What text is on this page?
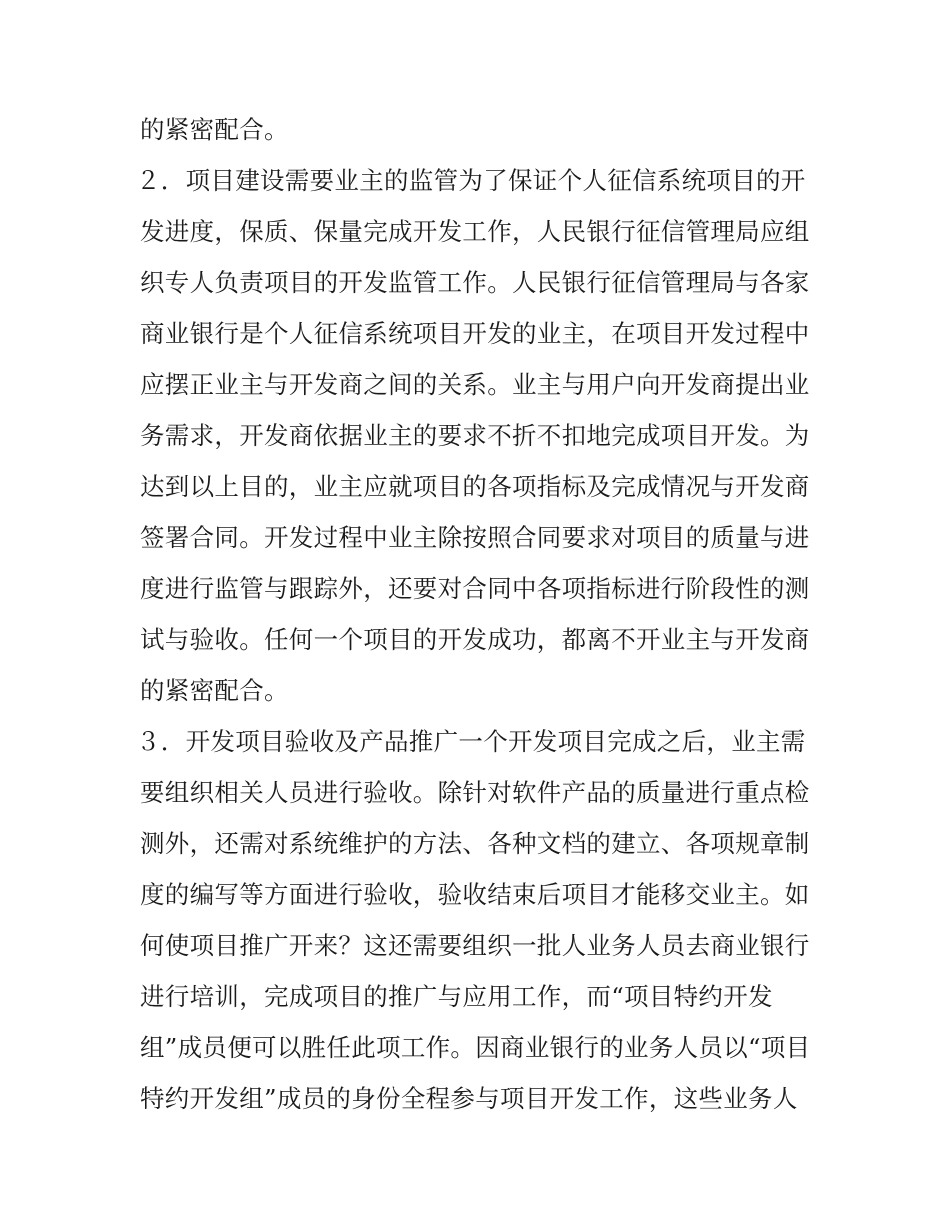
的紧密配合。
２．项目建设需要业主的监管为了保证个人征信系统项目的开
发进度，保质、保量完成开发工作，人民银行征信管理局应组
织专人负责项目的开发监管工作。人民银行征信管理局与各家
商业银行是个人征信系统项目开发的业主，在项目开发过程中
应摆正业主与开发商之间的关系。业主与用户向开发商提出业
务需求，开发商依据业主的要求不折不扣地完成项目开发。为
达到以上目的，业主应就项目的各项指标及完成情况与开发商
签署合同。开发过程中业主除按照合同要求对项目的质量与进
度进行监管与跟踪外，还要对合同中各项指标进行阶段性的测
试与验收。任何一个项目的开发成功，都离不开业主与开发商
的紧密配合。
３．开发项目验收及产品推广一个开发项目完成之后，业主需
要组织相关人员进行验收。除针对软件产品的质量进行重点检
测外，还需对系统维护的方法、各种文档的建立、各项规章制
度的编写等方面进行验收，验收结束后项目才能移交业主。如
何使项目推广开来？这还需要组织一批人业务人员去商业银行
进行培训，完成项目的推广与应用工作，而“项目特约开发
组”成员便可以胜任此项工作。因商业银行的业务人员以“项目
特约开发组”成员的身份全程参与项目开发工作，这些业务人
